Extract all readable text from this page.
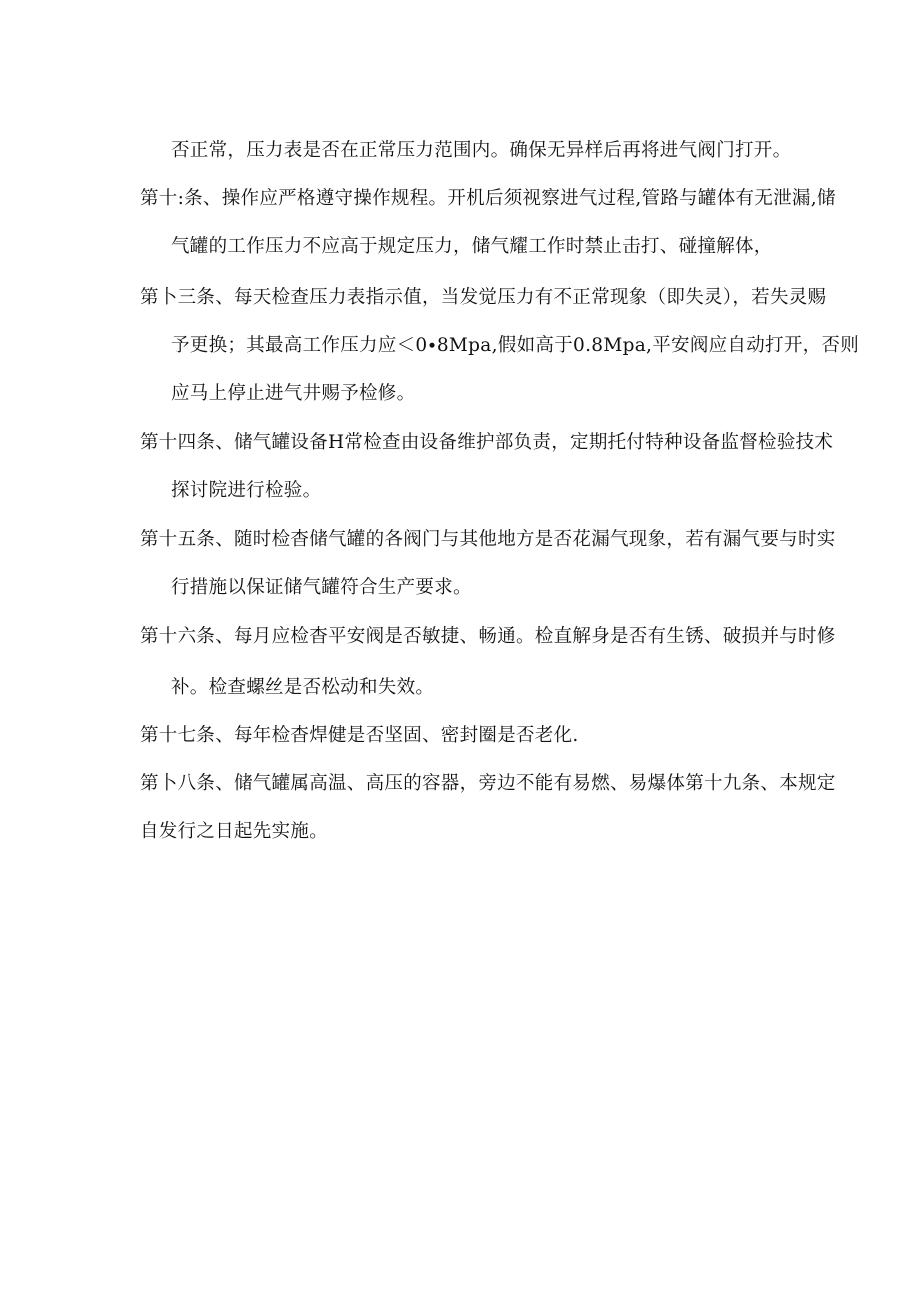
否正常，压力表是否在正常压力范围内。确保无异样后再将进气阀门打开。
第十:条、操作应严格遵守操作规程。开机后须视察进气过程,管路与罐体有无泄漏,储
气罐的工作压力不应高于规定压力，储气耀工作时禁止击打、碰撞解体，
第卜三条、每天检查压力表指示值，当发觉压力有不正常现象（即失灵），若失灵赐
予更换；其最高工作压力应＜0∙8Mpa,假如高于0.8Mpa,平安阀应自动打开，否则
应马上停止进气井赐予检修。
第十四条、储气罐设备H常检查由设备维护部负责，定期托付特种设备监督检验技术
探讨院进行检验。
第十五条、随时检杳储气罐的各阀门与其他地方是否花漏气现象，若有漏气要与时实
行措施以保证储气罐符合生产要求。
第十六条、每月应检杳平安阀是否敏捷、畅通。检直解身是否有生锈、破损并与时修
补。检查螺丝是否松动和失效。
第十七条、每年检杳焊健是否坚固、密封圈是否老化.
第卜八条、储气罐属高温、高压的容器，旁边不能有易燃、易爆体第十九条、本规定
自发行之日起先实施。
